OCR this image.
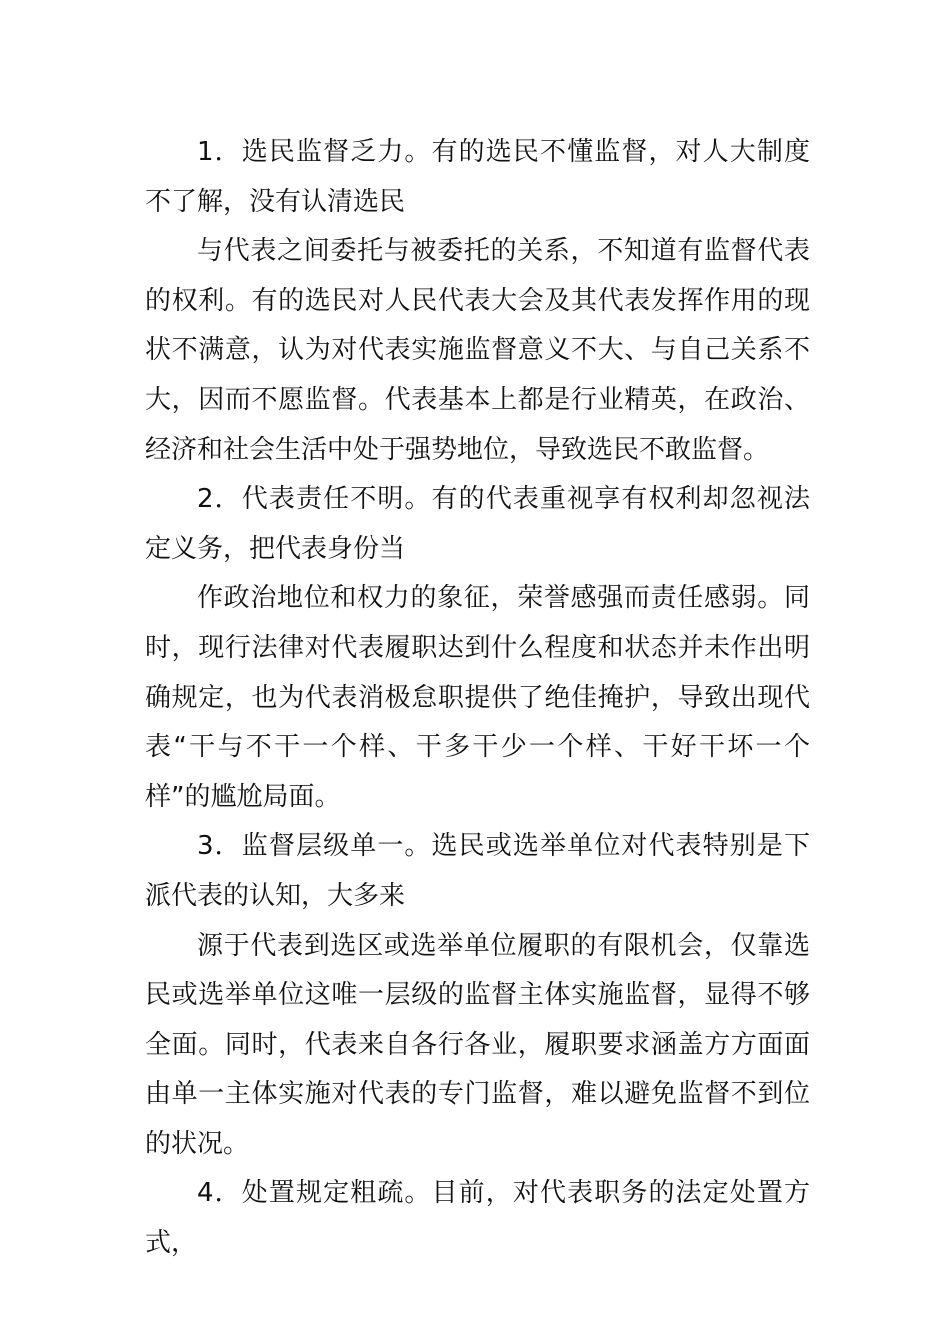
1．选民监督乏力。有的选民不懂监督，对人大制度不了解，没有认清选民

与代表之间委托与被委托的关系，不知道有监督代表的权利。有的选民对人民代表大会及其代表发挥作用的现状不满意，认为对代表实施监督意义不大、与自己关系不大，因而不愿监督。代表基本上都是行业精英，在政治、经济和社会生活中处于强势地位，导致选民不敢监督。

2．代表责任不明。有的代表重视享有权利却忽视法定义务，把代表身份当

作政治地位和权力的象征，荣誉感强而责任感弱。同时，现行法律对代表履职达到什么程度和状态并未作出明确规定，也为代表消极怠职提供了绝佳掩护，导致出现代表“干与不干一个样、干多干少一个样、干好干坏一个样”的尴尬局面。

3．监督层级单一。选民或选举单位对代表特别是下派代表的认知，大多来

源于代表到选区或选举单位履职的有限机会，仅靠选民或选举单位这唯一层级的监督主体实施监督，显得不够全面。同时，代表来自各行各业，履职要求涵盖方方面面由单一主体实施对代表的专门监督，难以避免监督不到位的状况。

4．处置规定粗疏。目前，对代表职务的法定处置方式，
